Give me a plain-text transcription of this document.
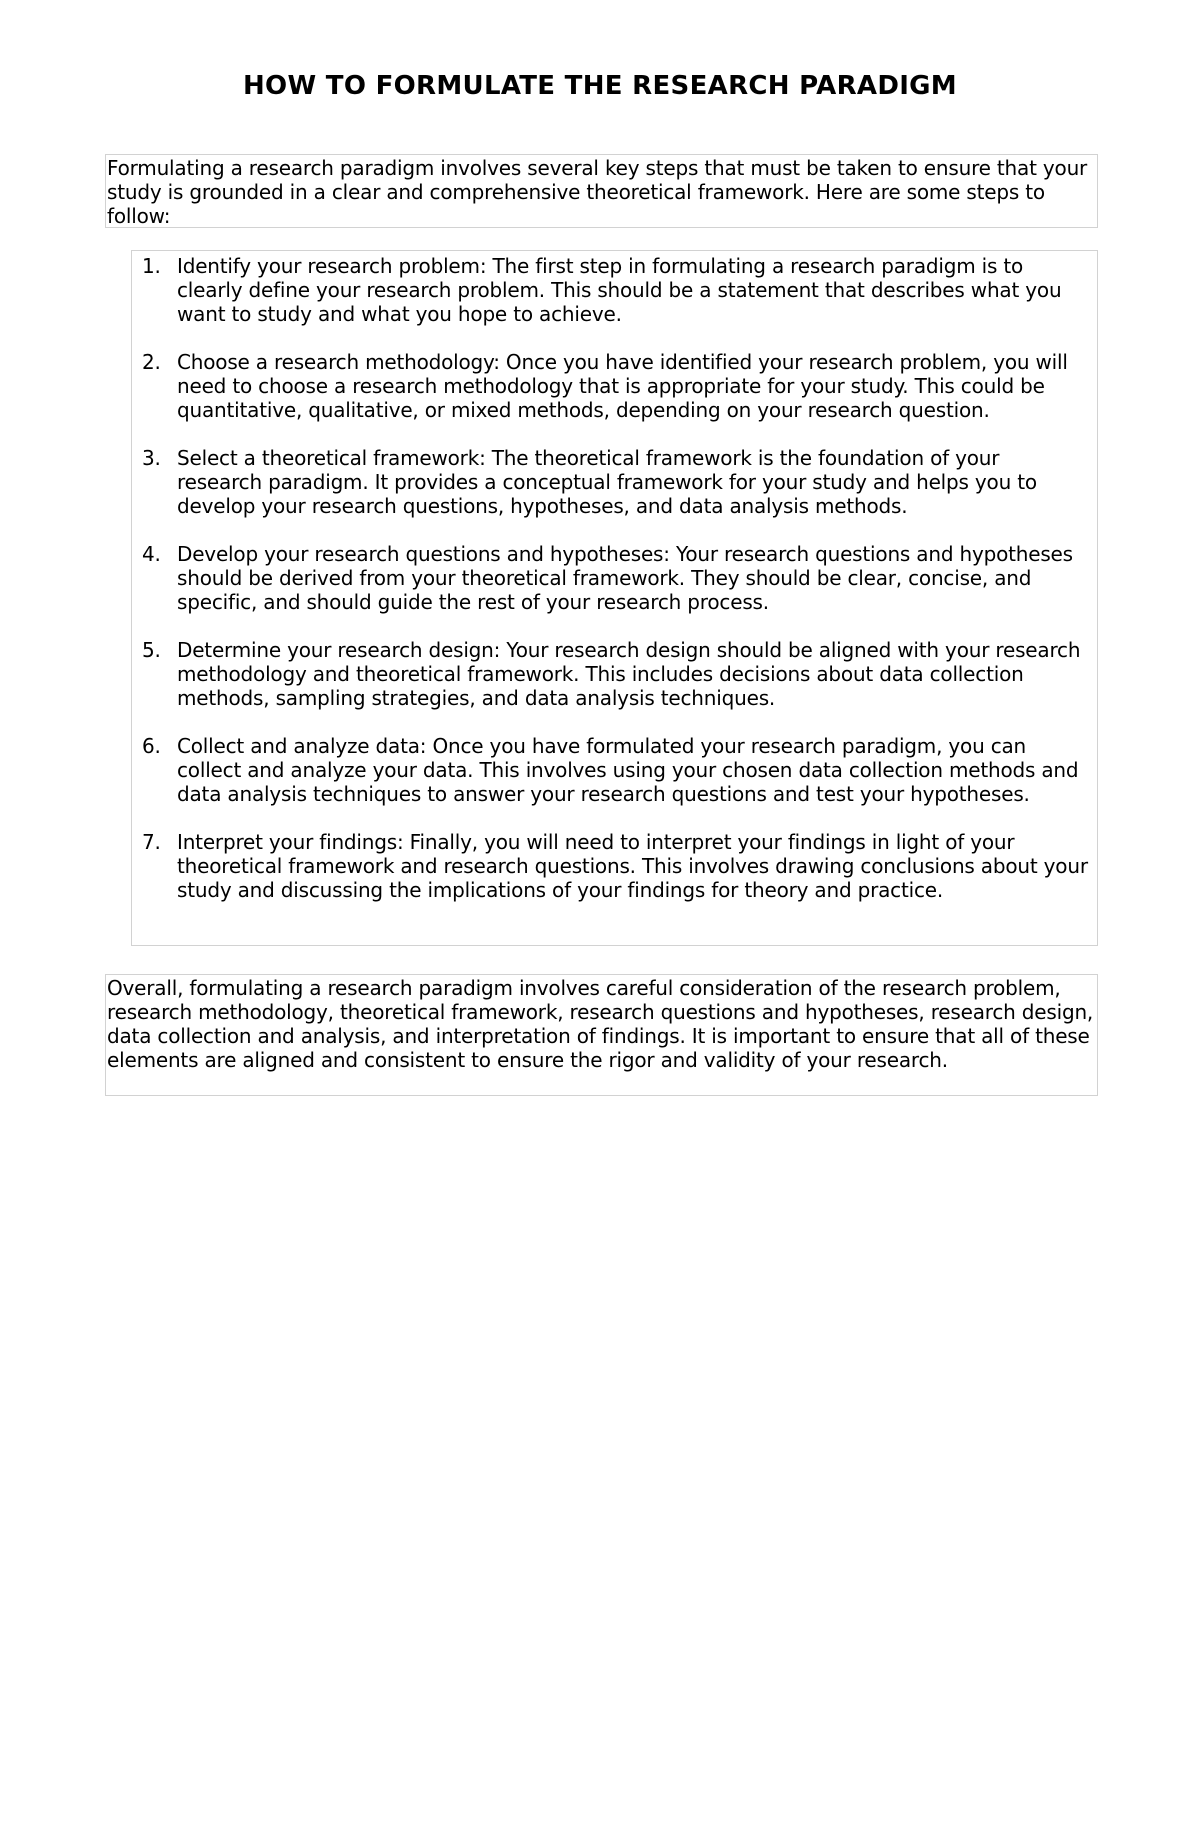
HOW TO FORMULATE THE RESEARCH PARADIGM

Formulating a research paradigm involves several key steps that must be taken to ensure that your study is grounded in a clear and comprehensive theoretical framework. Here are some steps to follow:

1. Identify your research problem: The first step in formulating a research paradigm is to clearly define your research problem. This should be a statement that describes what you want to study and what you hope to achieve.
2. Choose a research methodology: Once you have identified your research problem, you will need to choose a research methodology that is appropriate for your study. This could be quantitative, qualitative, or mixed methods, depending on your research question.
3. Select a theoretical framework: The theoretical framework is the foundation of your research paradigm. It provides a conceptual framework for your study and helps you to develop your research questions, hypotheses, and data analysis methods.
4. Develop your research questions and hypotheses: Your research questions and hypotheses should be derived from your theoretical framework. They should be clear, concise, and specific, and should guide the rest of your research process.
5. Determine your research design: Your research design should be aligned with your research methodology and theoretical framework. This includes decisions about data collection methods, sampling strategies, and data analysis techniques.
6. Collect and analyze data: Once you have formulated your research paradigm, you can collect and analyze your data. This involves using your chosen data collection methods and data analysis techniques to answer your research questions and test your hypotheses.
7. Interpret your findings: Finally, you will need to interpret your findings in light of your theoretical framework and research questions. This involves drawing conclusions about your study and discussing the implications of your findings for theory and practice.

Overall, formulating a research paradigm involves careful consideration of the research problem, research methodology, theoretical framework, research questions and hypotheses, research design, data collection and analysis, and interpretation of findings. It is important to ensure that all of these elements are aligned and consistent to ensure the rigor and validity of your research.
